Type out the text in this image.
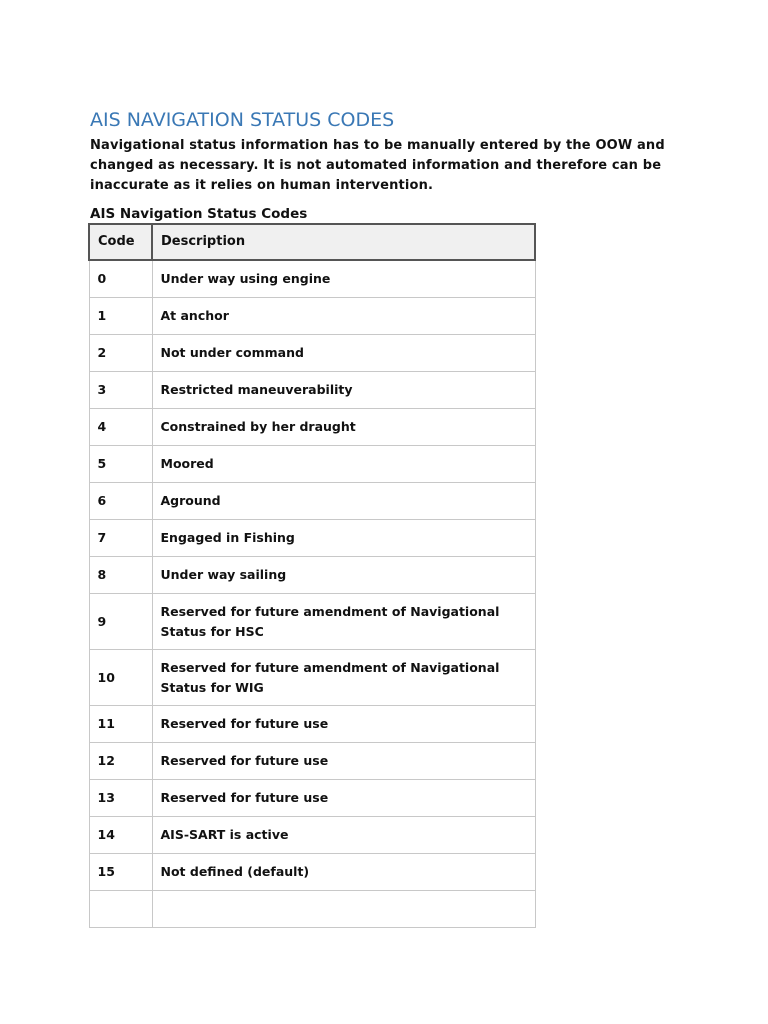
AIS NAVIGATION STATUS CODES

Navigational status information has to be manually entered by the OOW and changed as necessary. It is not automated information and therefore can be inaccurate as it relies on human intervention.

AIS Navigation Status Codes
Code	Description
0	Under way using engine
1	At anchor
2	Not under command
3	Restricted maneuverability
4	Constrained by her draught
5	Moored
6	Aground
7	Engaged in Fishing
8	Under way sailing
9	Reserved for future amendment of Navigational Status for HSC
10	Reserved for future amendment of Navigational Status for WIG
11	Reserved for future use
12	Reserved for future use
13	Reserved for future use
14	AIS-SART is active
15	Not defined (default)
